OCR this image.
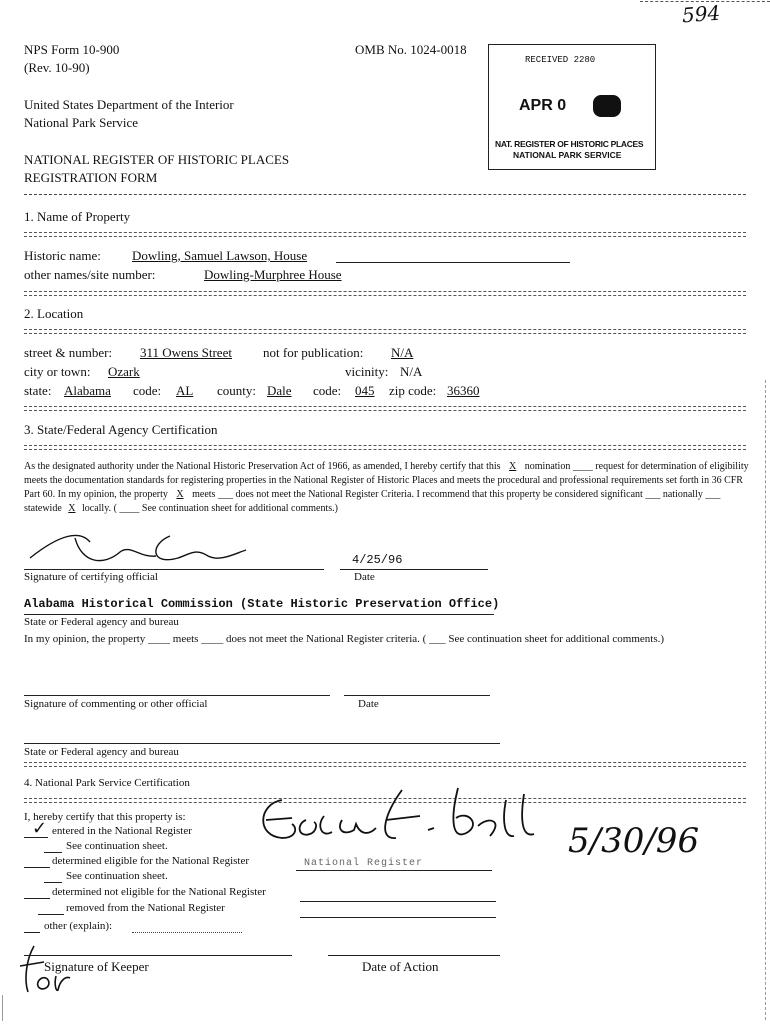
594
NPS Form 10-900
(Rev. 10-90)
OMB No. 1024-0018
United States Department of the Interior
National Park Service
NATIONAL REGISTER OF HISTORIC PLACES
REGISTRATION FORM
RECEIVED 2280
APR 0
NAT. REGISTER OF HISTORIC PLACES
NATIONAL PARK SERVICE
1. Name of Property
Historic name: Dowling, Samuel Lawson, House
other names/site number:	Dowling-Murphree House
2. Location
street & number: 311 Owens Street not for publication: N/A
city or town: Ozark	vicinity: N/A
state: Alabama code: AL county: Dale code: 045 zip code: 36360
3. State/Federal Agency Certification
As the designated authority under the National Historic Preservation Act of 1966, as amended, I hereby certify that this X nomination ____ request for determination of eligibility meets the documentation standards for registering properties in the National Register of Historic Places and meets the procedural and professional requirements set forth in 36 CFR Part 60. In my opinion, the property X meets ___ does not meet the National Register Criteria. I recommend that this property be considered significant ___ nationally ___ statewide X locally. ( ____ See continuation sheet for additional comments.)
4/25/96
Signature of certifying official	Date
Alabama Historical Commission (State Historic Preservation Office)
State or Federal agency and bureau
In my opinion, the property ____ meets ____ does not meet the National Register criteria. ( ___ See continuation sheet for additional comments.)
Signature of commenting or other official	Date
State or Federal agency and bureau
4. National Park Service Certification
I, hereby certify that this property is:
✓ entered in the National Register
See continuation sheet.
determined eligible for the National Register
See continuation sheet.
determined not eligible for the National Register
removed from the National Register
other (explain):
5/30/96
National Register
Signature of Keeper	Date of Action
